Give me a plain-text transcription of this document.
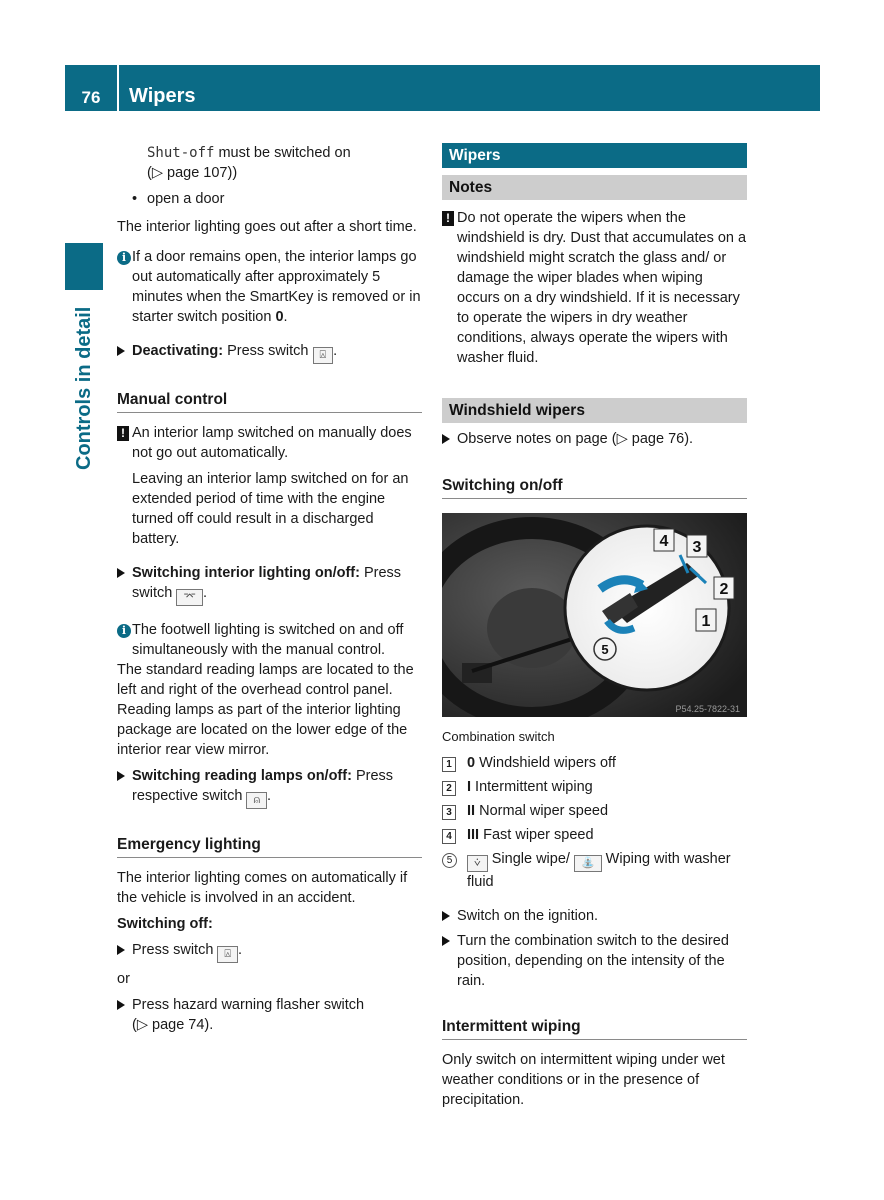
76	Wipers
Controls in detail

Shut-off must be switched on

(▷ page 107))

• open a door

The interior lighting goes out after a short time.

i If a door remains open, the interior lamps go out automatically after approximately 5 minutes when the SmartKey is removed or in starter switch position 0.

Deactivating: Press switch ⍓ .

Manual control
! An interior lamp switched on manually does not go out automatically.

Leaving an interior lamp switched on for an extended period of time with the engine turned off could result in a discharged battery.

Switching interior lighting on/off: Press switch ⌤ .

i The footwell lighting is switched on and off simultaneously with the manual control.

The standard reading lamps are located to the left and right of the overhead control panel. Reading lamps as part of the interior lighting package are located on the lower edge of the interior rear view mirror.

Switching reading lamps on/off: Press respective switch ⍝ .

Emergency lighting

The interior lighting comes on automatically if the vehicle is involved in an accident.

Switching off:

Press switch ⍓ .

or

Press hazard warning flasher switch

(▷ page 74).

Wipers
Notes
! Do not operate the wipers when the windshield is dry. Dust that accumulates on a windshield might scratch the glass and/ or damage the wiper blades when wiping occurs on a dry windshield. If it is necessary to operate the wipers in dry weather conditions, always operate the wipers with washer fluid.

Windshield wipers

Observe notes on page (▷ page 76).

Switching on/off
4 3
2
1
5
P54.25-7822-31

Combination switch

1	0 Windshield wipers off

2	I Intermittent wiping

3	II Normal wiper speed

4	III Fast wiper speed

5	⩒ Single wipe/ ⛲ Wiping with washer fluid

Switch on the ignition.

Turn the combination switch to the desired position, depending on the intensity of the rain.

Intermittent wiping

Only switch on intermittent wiping under wet weather conditions or in the presence of precipitation.
